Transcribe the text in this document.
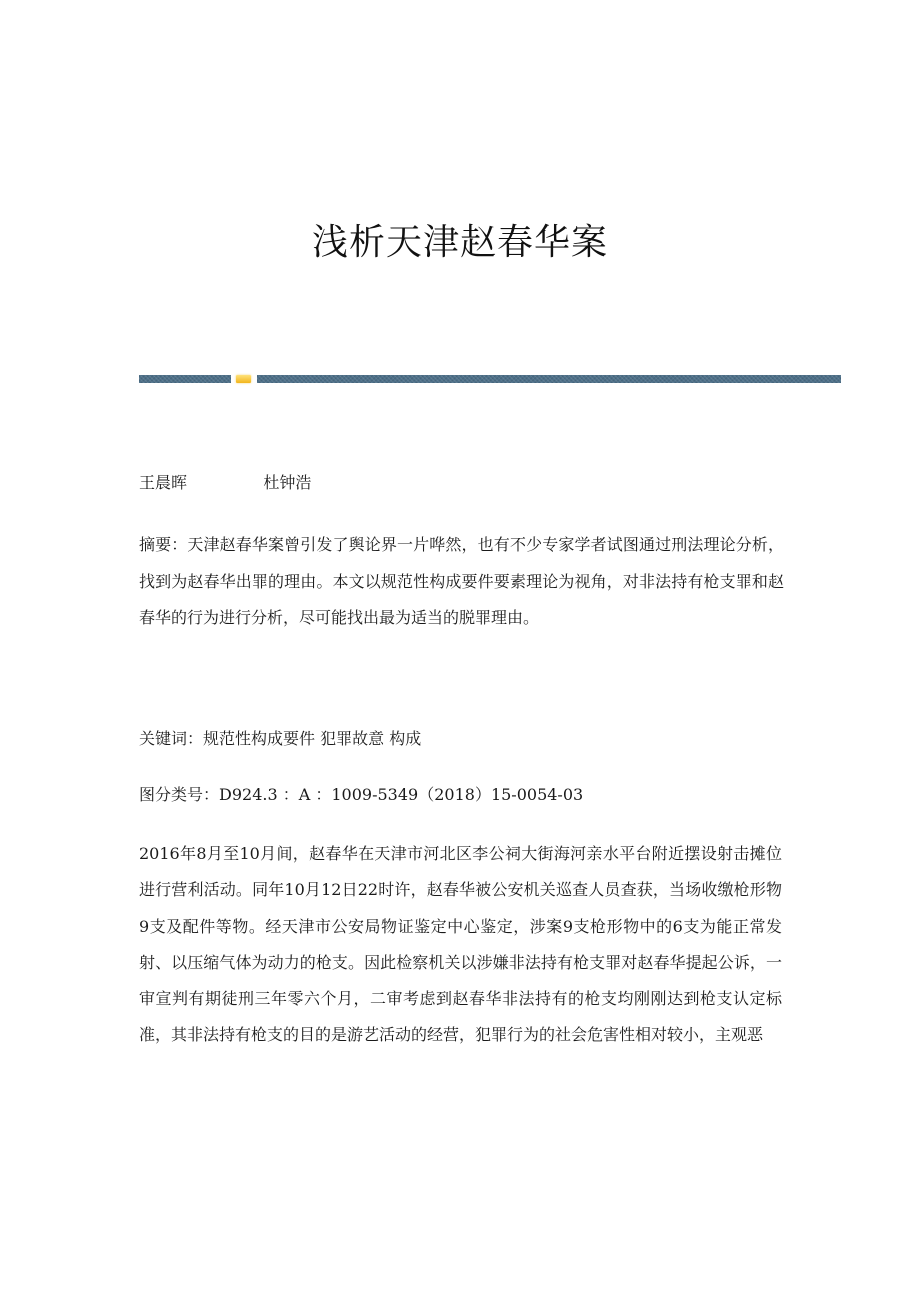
浅析天津赵春华案

王晨晖	杜钟浩

摘要：天津赵春华案曾引发了舆论界一片哗然，也有不少专家学者试图通过刑法理论分析，找到为赵春华出罪的理由。本文以规范性构成要件要素理论为视角，对非法持有枪支罪和赵春华的行为进行分析，尽可能找出最为适当的脱罪理由。

关键词：规范性构成要件 犯罪故意 构成

图分类号：D924.3 ：A ：1009-5349（2018）15-0054-03

2016年8月至10月间，赵春华在天津市河北区李公祠大街海河亲水平台附近摆设射击摊位进行营利活动。同年10月12日22时许，赵春华被公安机关巡查人员查获，当场收缴枪形物9支及配件等物。经天津市公安局物证鉴定中心鉴定，涉案9支枪形物中的6支为能正常发射、以压缩气体为动力的枪支。因此检察机关以涉嫌非法持有枪支罪对赵春华提起公诉，一审宣判有期徒刑三年零六个月，二审考虑到赵春华非法持有的枪支均刚刚达到枪支认定标准，其非法持有枪支的目的是游艺活动的经营，犯罪行为的社会危害性相对较小，主观恶
